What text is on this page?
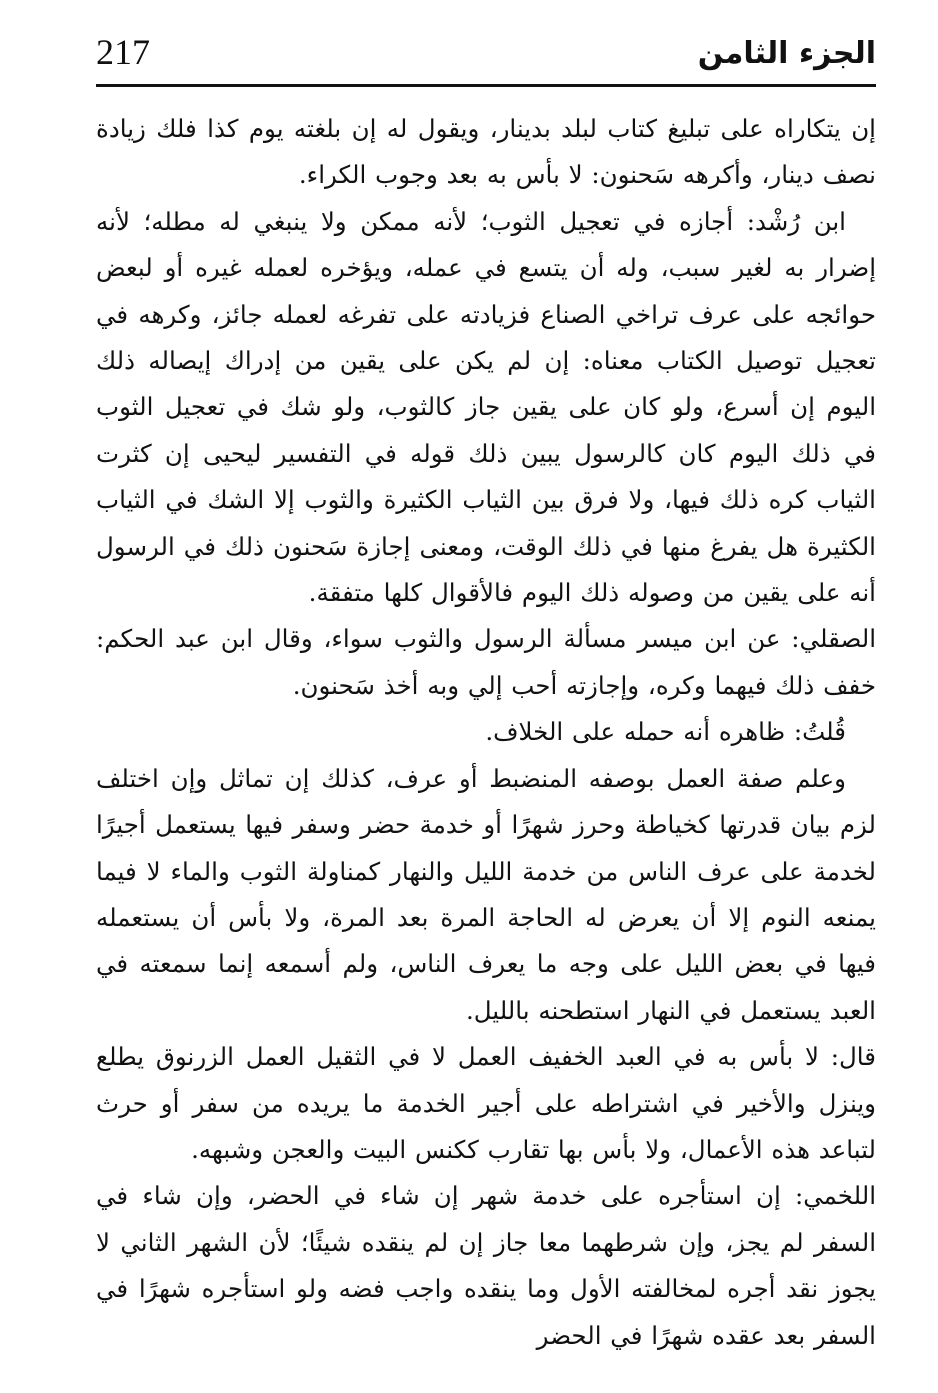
217	الجزء الثامن

إن يتكاراه على تبليغ كتاب لبلد بدينار، ويقول له إن بلغته يوم كذا فلك زيادة نصف دينار، وأكرهه سَحنون: لا بأس به بعد وجوب الكراء.

ابن رُشْد: أجازه في تعجيل الثوب؛ لأنه ممكن ولا ينبغي له مطله؛ لأنه إضرار به لغير سبب، وله أن يتسع في عمله، ويؤخره لعمله غيره أو لبعض حوائجه على عرف تراخي الصناع فزيادته على تفرغه لعمله جائز، وكرهه في تعجيل توصيل الكتاب معناه: إن لم يكن على يقين من إدراك إيصاله ذلك اليوم إن أسرع، ولو كان على يقين جاز كالثوب، ولو شك في تعجيل الثوب في ذلك اليوم كان كالرسول يبين ذلك قوله في التفسير ليحيى إن كثرت الثياب كره ذلك فيها، ولا فرق بين الثياب الكثيرة والثوب إلا الشك في الثياب الكثيرة هل يفرغ منها في ذلك الوقت، ومعنى إجازة سَحنون ذلك في الرسول أنه على يقين من وصوله ذلك اليوم فالأقوال كلها متفقة.

الصقلي: عن ابن ميسر مسألة الرسول والثوب سواء، وقال ابن عبد الحكم: خفف ذلك فيهما وكره، وإجازته أحب إلي وبه أخذ سَحنون.

قُلتُ: ظاهره أنه حمله على الخلاف.

وعلم صفة العمل بوصفه المنضبط أو عرف، كذلك إن تماثل وإن اختلف لزم بيان قدرتها كخياطة وحرز شهرًا أو خدمة حضر وسفر فيها يستعمل أجيرًا لخدمة على عرف الناس من خدمة الليل والنهار كمناولة الثوب والماء لا فيما يمنعه النوم إلا أن يعرض له الحاجة المرة بعد المرة، ولا بأس أن يستعمله فيها في بعض الليل على وجه ما يعرف الناس، ولم أسمعه إنما سمعته في العبد يستعمل في النهار استطحنه بالليل.

قال: لا بأس به في العبد الخفيف العمل لا في الثقيل العمل الزرنوق يطلع وينزل والأخير في اشتراطه على أجير الخدمة ما يريده من سفر أو حرث لتباعد هذه الأعمال، ولا بأس بها تقارب ككنس البيت والعجن وشبهه.

اللخمي: إن استأجره على خدمة شهر إن شاء في الحضر، وإن شاء في السفر لم يجز، وإن شرطهما معا جاز إن لم ينقده شيئًا؛ لأن الشهر الثاني لا يجوز نقد أجره لمخالفته الأول وما ينقده واجب فضه ولو استأجره شهرًا في السفر بعد عقده شهرًا في الحضر
